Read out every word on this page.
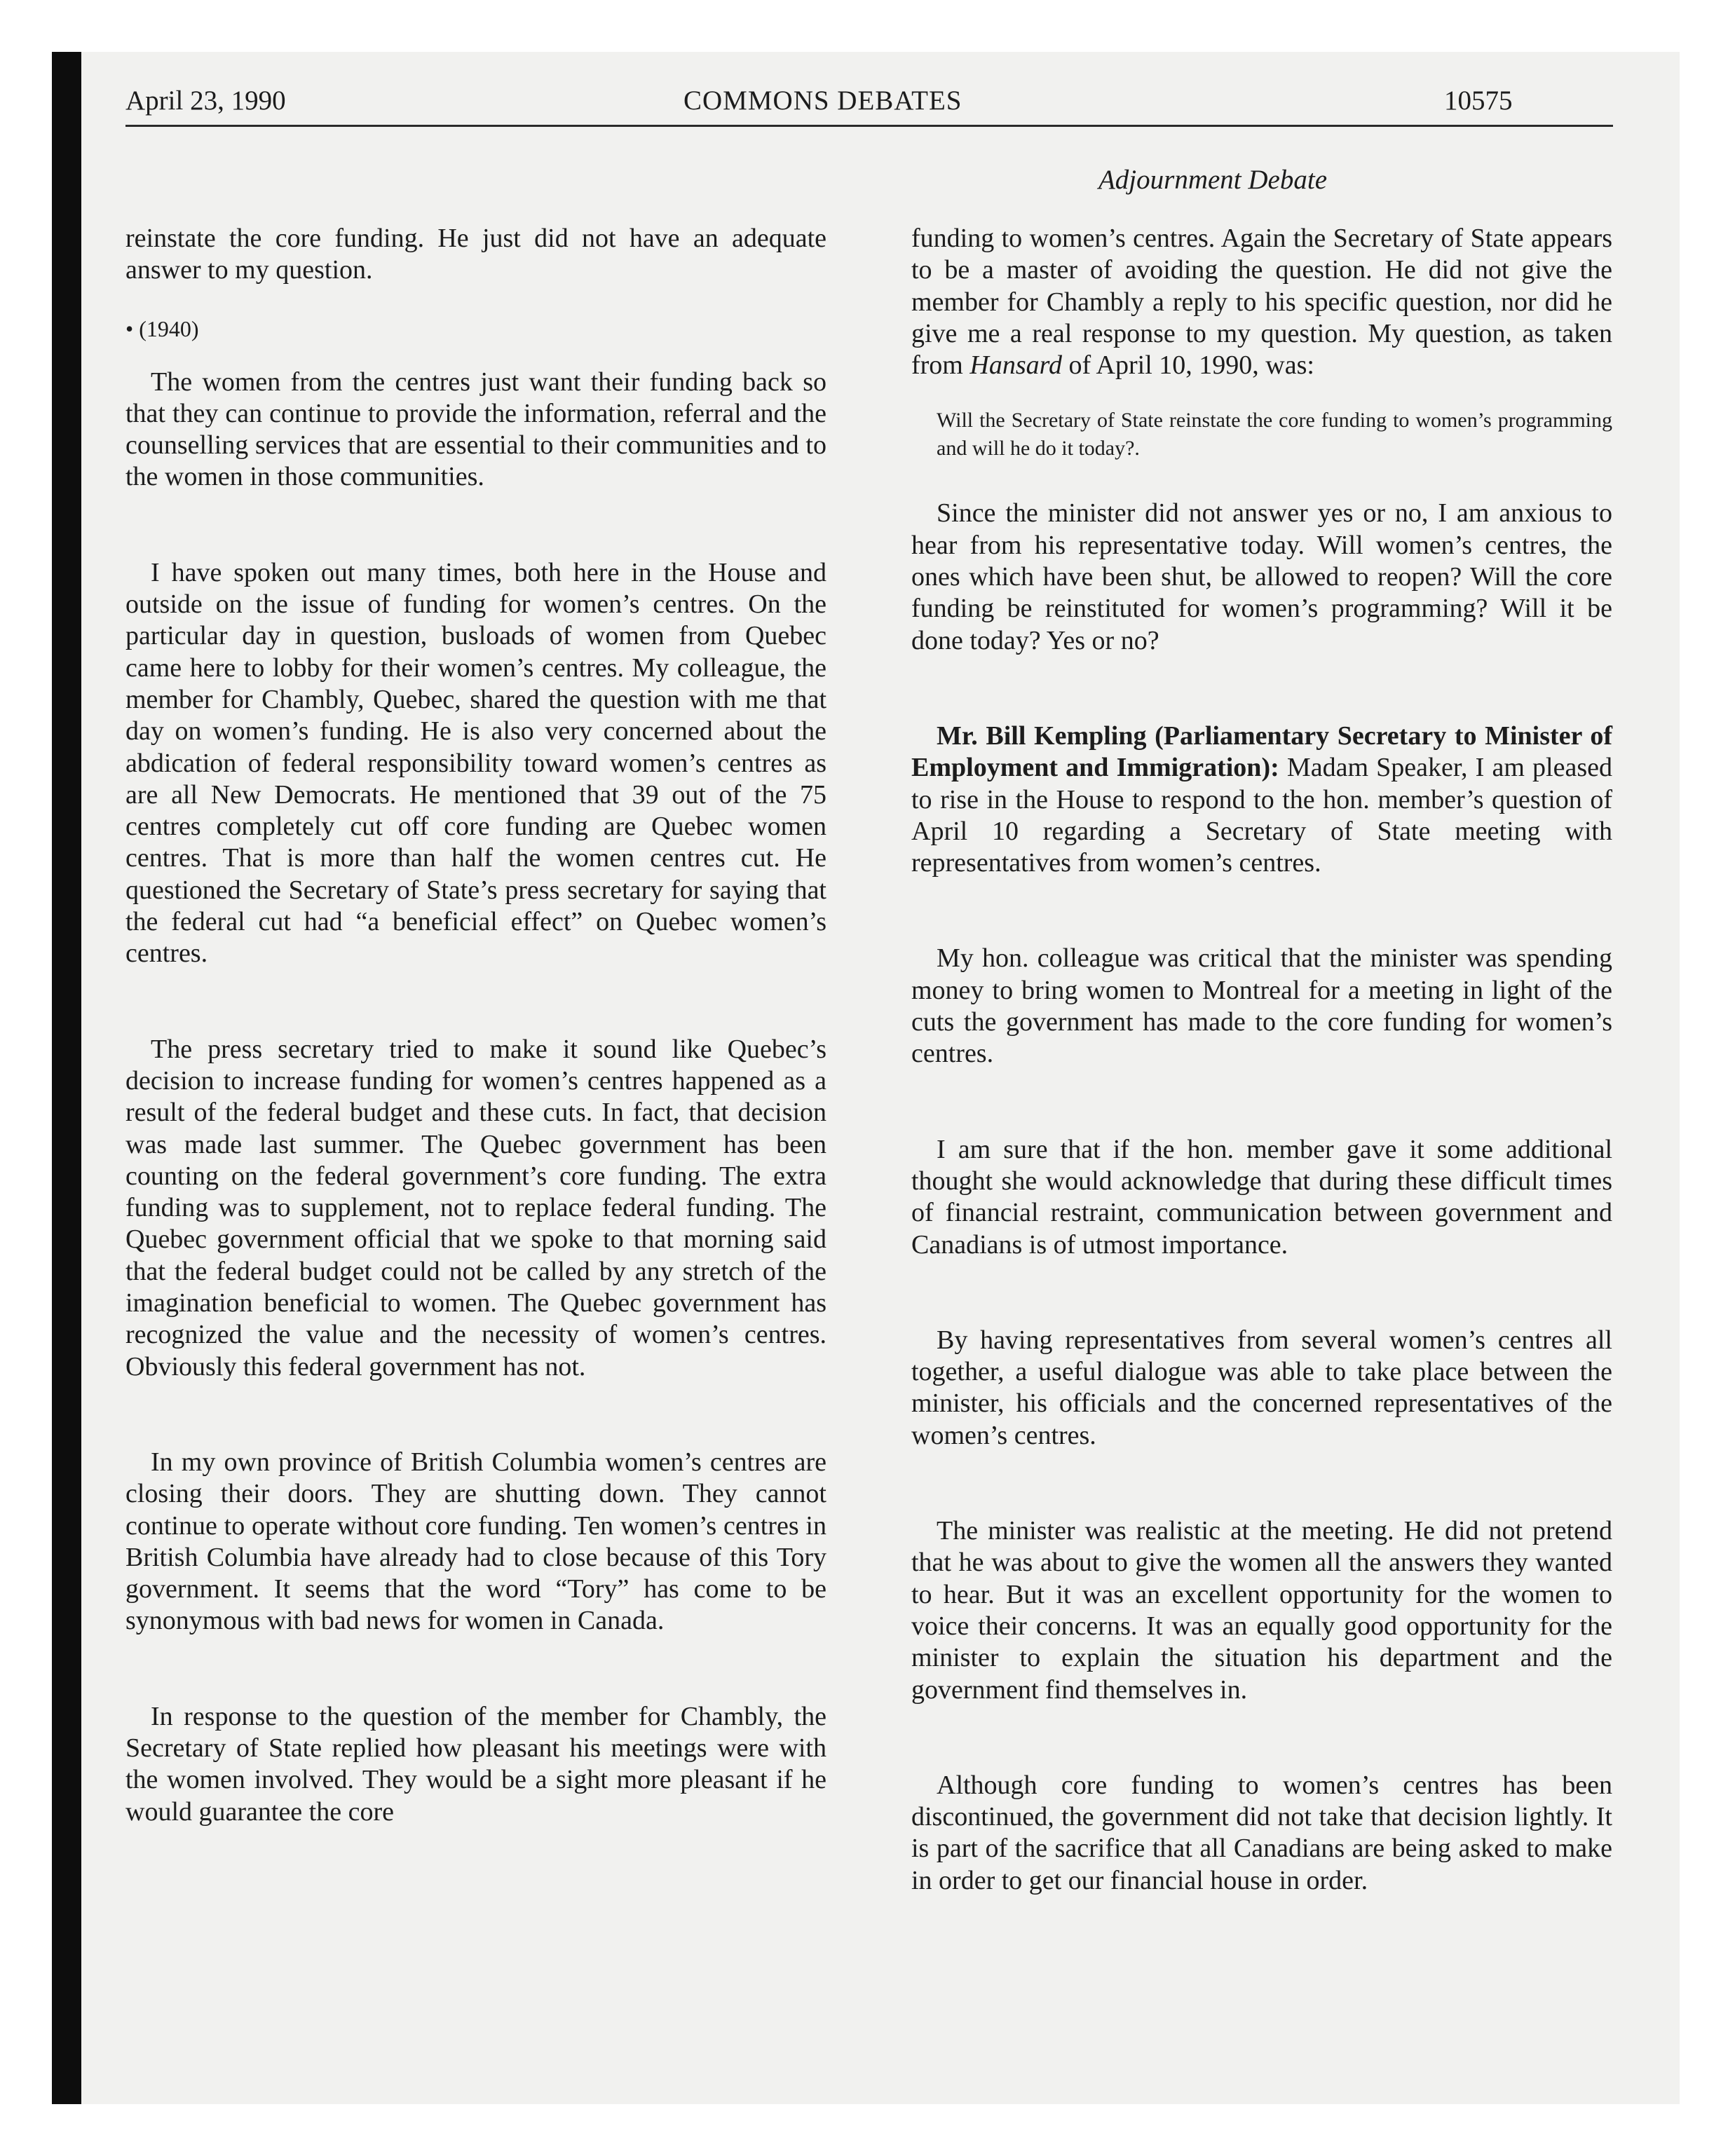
April 23, 1990	COMMONS DEBATES	10575
Adjournment Debate

reinstate the core funding. He just did not have an adequate answer to my question.

• (1940)

The women from the centres just want their funding back so that they can continue to provide the information, referral and the counselling services that are essential to their communities and to the women in those communities.

I have spoken out many times, both here in the House and outside on the issue of funding for women’s centres. On the particular day in question, busloads of women from Quebec came here to lobby for their women’s centres. My colleague, the member for Chambly, Quebec, shared the question with me that day on women’s funding. He is also very concerned about the abdication of federal responsibility toward women’s centres as are all New Democrats. He mentioned that 39 out of the 75 centres completely cut off core funding are Quebec women centres. That is more than half the women centres cut. He questioned the Secretary of State’s press secretary for saying that the federal cut had “a beneficial effect” on Quebec women’s centres.

The press secretary tried to make it sound like Quebec’s decision to increase funding for women’s centres happened as a result of the federal budget and these cuts. In fact, that decision was made last summer. The Quebec government has been counting on the federal government’s core funding. The extra funding was to supplement, not to replace federal funding. The Quebec government official that we spoke to that morning said that the federal budget could not be called by any stretch of the imagination beneficial to women. The Quebec government has recognized the value and the necessity of women’s centres. Obviously this federal government has not.

In my own province of British Columbia women’s centres are closing their doors. They are shutting down. They cannot continue to operate without core funding. Ten women’s centres in British Columbia have already had to close because of this Tory government. It seems that the word “Tory” has come to be synonymous with bad news for women in Canada.

In response to the question of the member for Chambly, the Secretary of State replied how pleasant his meetings were with the women involved. They would be a sight more pleasant if he would guarantee the core

funding to women’s centres. Again the Secretary of State appears to be a master of avoiding the question. He did not give the member for Chambly a reply to his specific question, nor did he give me a real response to my question. My question, as taken from Hansard of April 10, 1990, was:

Will the Secretary of State reinstate the core funding to women’s programming and will he do it today?.

Since the minister did not answer yes or no, I am anxious to hear from his representative today. Will women’s centres, the ones which have been shut, be allowed to reopen? Will the core funding be reinstituted for women’s programming? Will it be done today? Yes or no?

Mr. Bill Kempling (Parliamentary Secretary to Minister of Employment and Immigration): Madam Speaker, I am pleased to rise in the House to respond to the hon. member’s question of April 10 regarding a Secretary of State meeting with representatives from women’s centres.

My hon. colleague was critical that the minister was spending money to bring women to Montreal for a meeting in light of the cuts the government has made to the core funding for women’s centres.

I am sure that if the hon. member gave it some additional thought she would acknowledge that during these difficult times of financial restraint, communication between government and Canadians is of utmost importance.

By having representatives from several women’s centres all together, a useful dialogue was able to take place between the minister, his officials and the concerned representatives of the women’s centres.

The minister was realistic at the meeting. He did not pretend that he was about to give the women all the answers they wanted to hear. But it was an excellent opportunity for the women to voice their concerns. It was an equally good opportunity for the minister to explain the situation his department and the government find themselves in.

Although core funding to women’s centres has been discontinued, the government did not take that decision lightly. It is part of the sacrifice that all Canadians are being asked to make in order to get our financial house in order.
